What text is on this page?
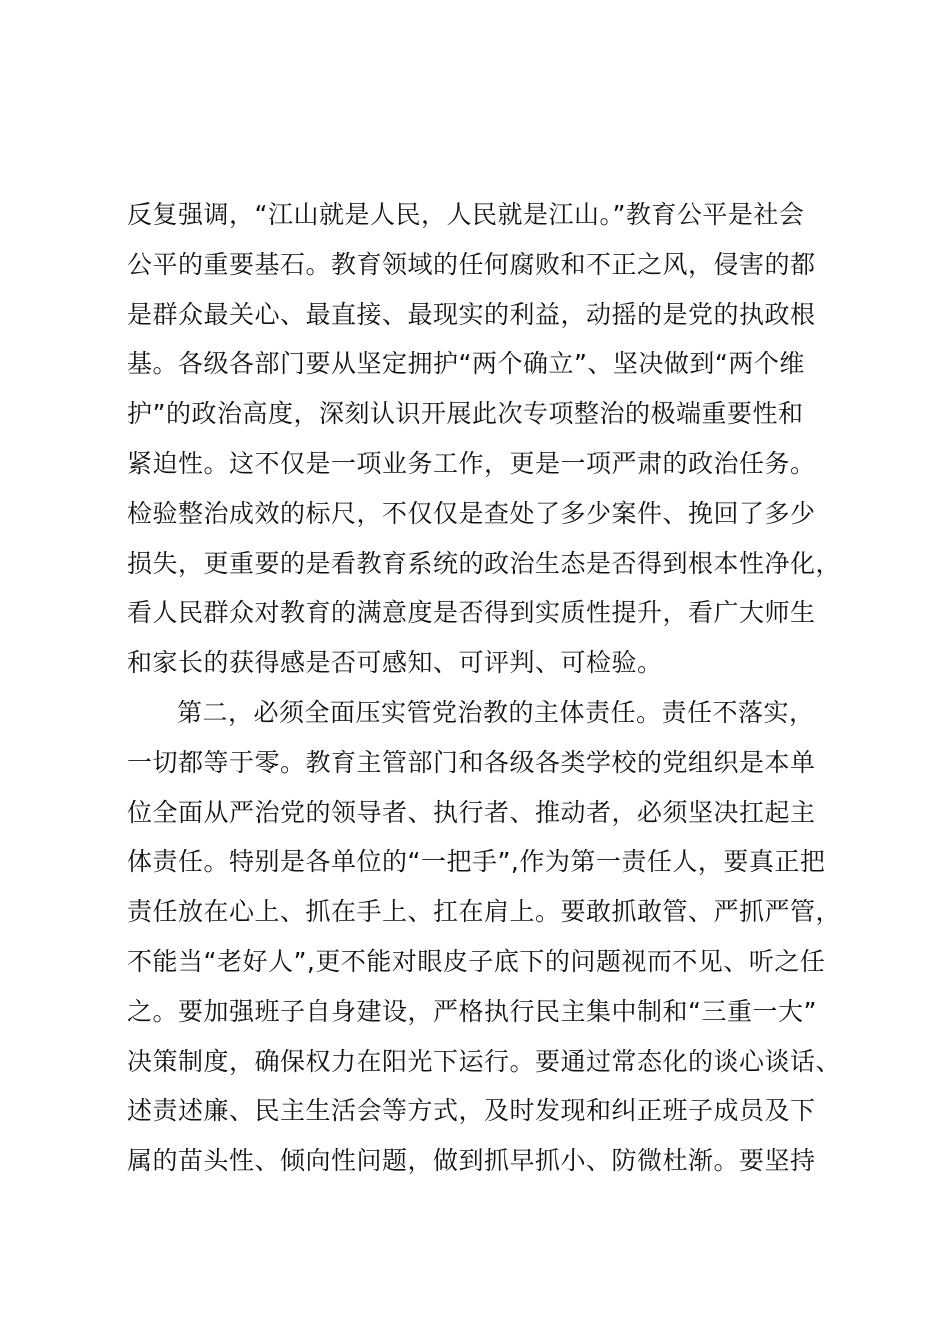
反复强调，“江山就是人民，人民就是江山。”教育公平是社会
公平的重要基石。教育领域的任何腐败和不正之风，侵害的都
是群众最关心、最直接、最现实的利益，动摇的是党的执政根
基。各级各部门要从坚定拥护“两个确立”、坚决做到“两个维
护”的政治高度，深刻认识开展此次专项整治的极端重要性和
紧迫性。这不仅是一项业务工作，更是一项严肃的政治任务。
检验整治成效的标尺，不仅仅是查处了多少案件、挽回了多少
损失，更重要的是看教育系统的政治生态是否得到根本性净化，
看人民群众对教育的满意度是否得到实质性提升，看广大师生
和家长的获得感是否可感知、可评判、可检验。
第二，必须全面压实管党治教的主体责任。责任不落实，
一切都等于零。教育主管部门和各级各类学校的党组织是本单
位全面从严治党的领导者、执行者、推动者，必须坚决扛起主
体责任。特别是各单位的“一把手”,作为第一责任人，要真正把
责任放在心上、抓在手上、扛在肩上。要敢抓敢管、严抓严管，
不能当“老好人”,更不能对眼皮子底下的问题视而不见、听之任
之。要加强班子自身建设，严格执行民主集中制和“三重一大”
决策制度，确保权力在阳光下运行。要通过常态化的谈心谈话、
述责述廉、民主生活会等方式，及时发现和纠正班子成员及下
属的苗头性、倾向性问题，做到抓早抓小、防微杜渐。要坚持
